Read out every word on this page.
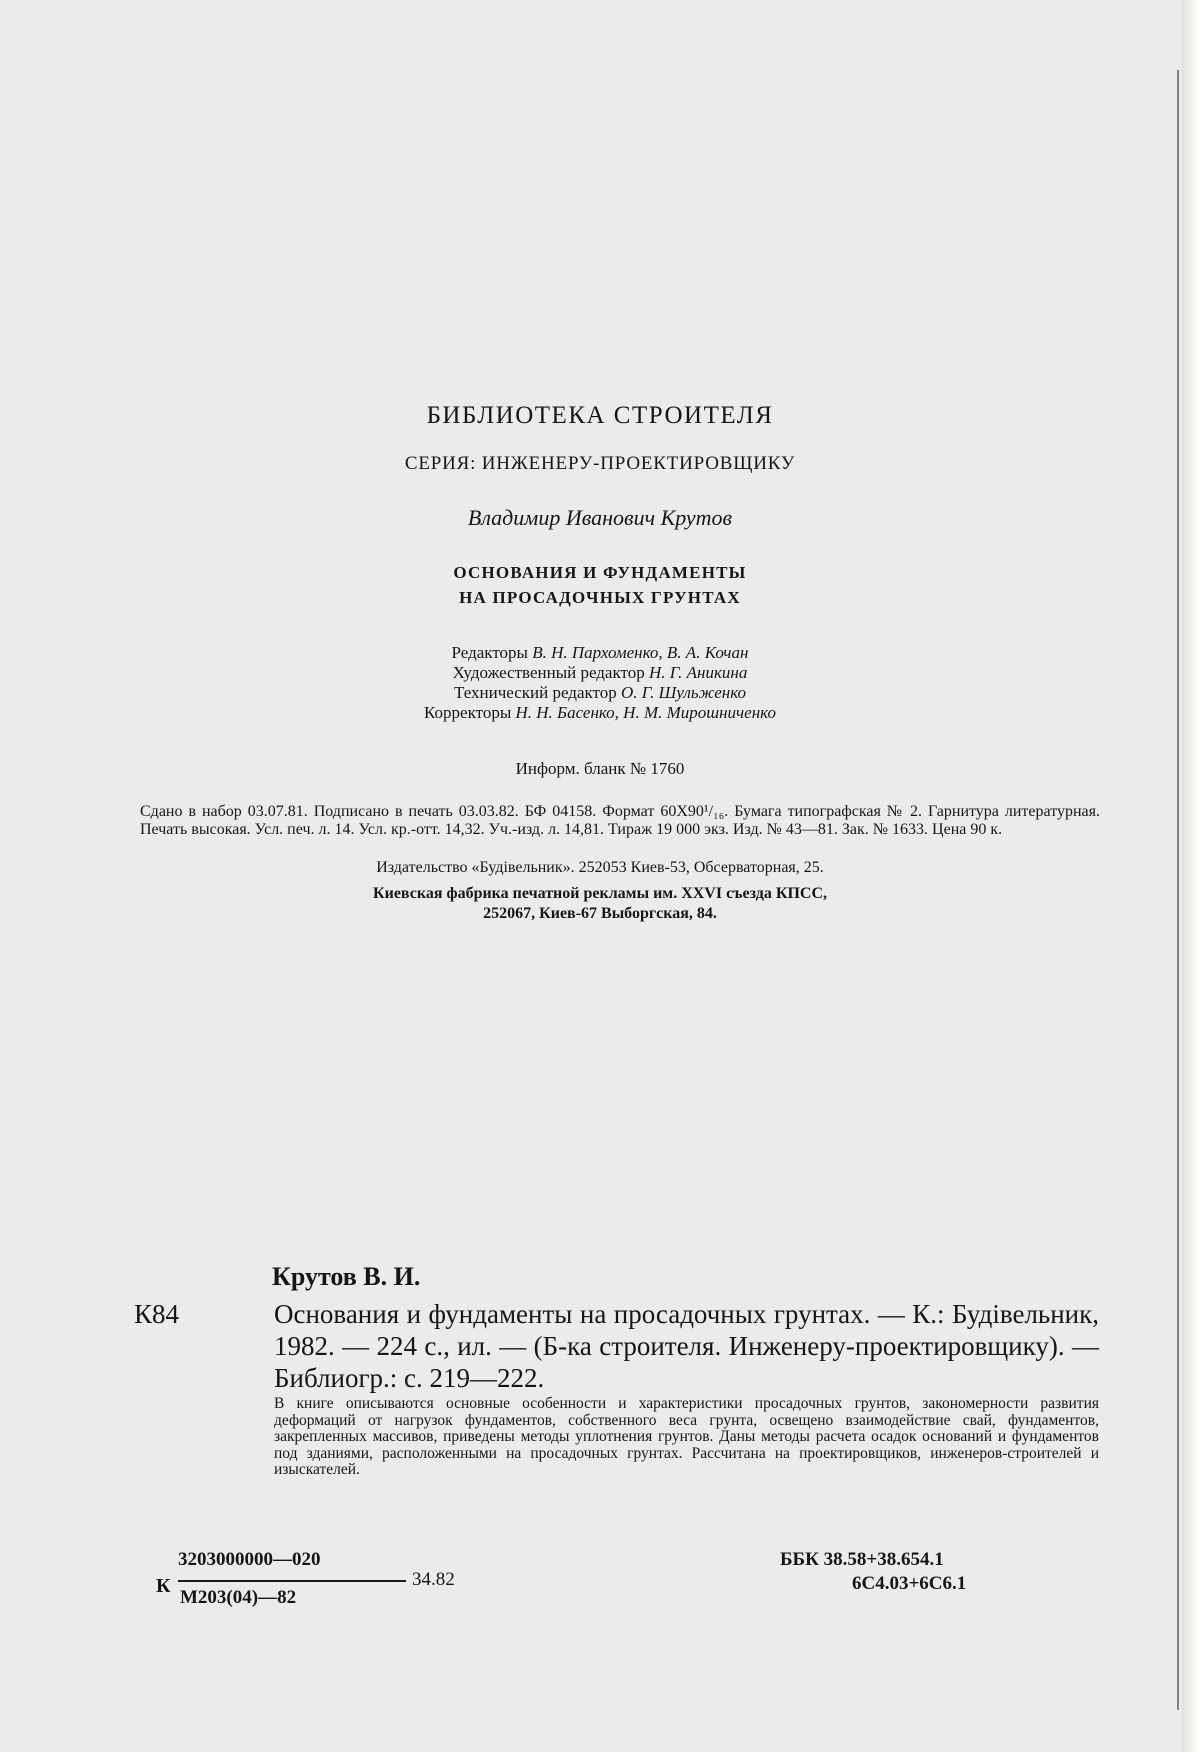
БИБЛИОТЕКА СТРОИТЕЛЯ
СЕРИЯ: ИНЖЕНЕРУ-ПРОЕКТИРОВЩИКУ
Владимир Иванович Крутов
ОСНОВАНИЯ И ФУНДАМЕНТЫ
НА ПРОСАДОЧНЫХ ГРУНТАХ
Редакторы В. Н. Пархоменко, В. А. Кочан
Художественный редактор Н. Г. Аникина
Технический редактор О. Г. Шульженко
Корректоры Н. Н. Басенко, Н. М. Мирошниченко
Информ. бланк № 1760
Сдано в набор 03.07.81. Подписано в печать 03.03.82. БФ 04158. Формат 60Х90¹/₁₆. Бумага типографская № 2. Гарнитура литературная. Печать высокая. Усл. печ. л. 14. Усл. кр.-отт. 14,32. Уч.-изд. л. 14,81. Тираж 19 000 экз. Изд. № 43—81. Зак. № 1633. Цена 90 к.
Издательство «Будівельник». 252053 Киев-53, Обсерваторная, 25.
Киевская фабрика печатной рекламы им. XXVI съезда КПСС,
252067, Киев-67 Выборгская, 84.
Крутов В. И.
К84	Основания и фундаменты на просадочных грунтах. — К.: Будівельник, 1982. — 224 с., ил. — (Б-ка строителя. Инженеру-проектировщику). — Библиогр.: с. 219—222.
В книге описываются основные особенности и характеристики просадочных грунтов, закономерности развития деформаций от нагрузок фундаментов, собственного веса грунта, освещено взаимодействие свай, фундаментов, закрепленных массивов, приведены методы уплотнения грунтов. Даны методы расчета осадок оснований и фундаментов под зданиями, расположенными на просадочных грунтах. Рассчитана на проектировщиков, инженеров-строителей и изыскателей.
К
3203000000—020
М203(04)—82
34.82
ББК 38.58+38.654.1
6С4.03+6С6.1
